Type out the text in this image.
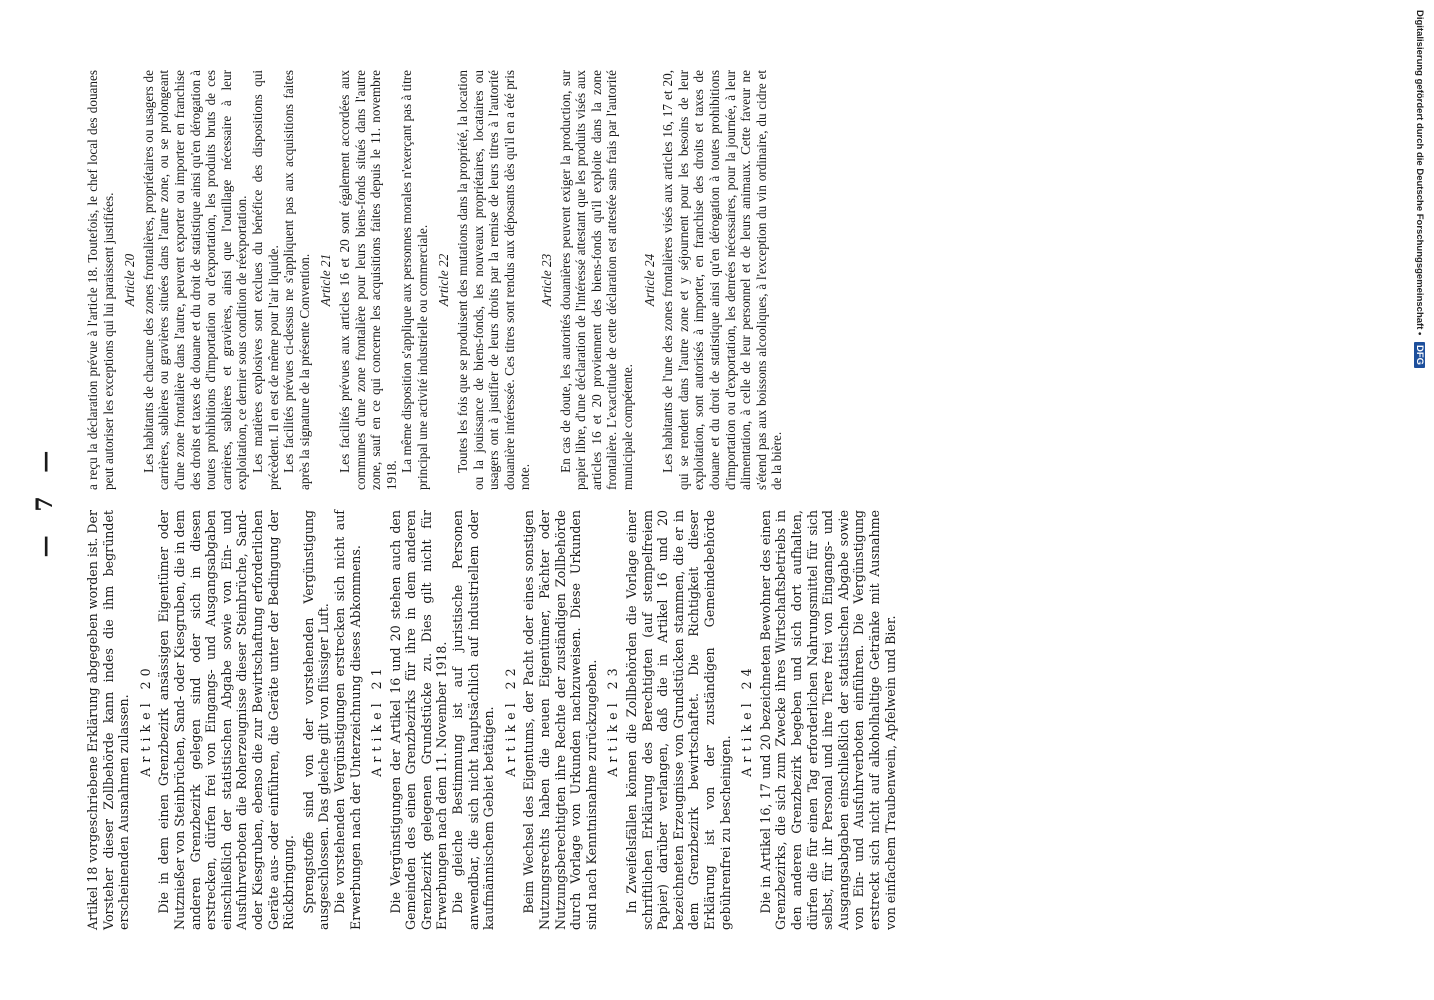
— 7 —

Artikel 18 vorgeschriebene Erklärung abgegeben worden ist. Der Vorsteher dieser Zollbehörde kann indes die ihm begründet erscheinenden Ausnahmen zulassen. Artikel 20 Die in dem einen Grenzbezirk ansässigen Eigentümer oder Nutznießer von Steinbrüchen, Sand- oder Kiesgruben, die in dem anderen Grenzbezirk gelegen sind oder sich in diesen erstrecken, dürfen frei von Eingangs- und Ausgangsabgaben einschließlich der statistischen Abgabe sowie von Ein- und Ausfuhrverboten die Roherzeugnisse dieser Steinbrüche, Sand- oder Kiesgruben, ebenso die zur Bewirtschaftung erforderlichen Geräte aus- oder einführen, die Geräte unter der Bedingung der Rückbringung. Sprengstoffe sind von der vorstehenden Vergünstigung ausgeschlossen. Das gleiche gilt von flüssiger Luft. Die vorstehenden Vergünstigungen erstrecken sich nicht auf Erwerbungen nach der Unterzeichnung dieses Abkommens. Artikel 21 Die Vergünstigungen der Artikel 16 und 20 stehen auch den Gemeinden des einen Grenzbezirks für ihre in dem anderen Grenzbezirk gelegenen Grundstücke zu. Dies gilt nicht für Erwerbungen nach dem 11. November 1918. Die gleiche Bestimmung ist auf juristische Personen anwendbar, die sich nicht hauptsächlich auf industriellem oder kaufmännischem Gebiet betätigen. Artikel 22 Beim Wechsel des Eigentums, der Pacht oder eines sonstigen Nutzungsrechts haben die neuen Eigentümer, Pächter oder Nutzungsberechtigten ihre Rechte der zuständigen Zollbehörde durch Vorlage von Urkunden nachzuweisen. Diese Urkunden sind nach Kenntnisnahme zurückzugeben. Artikel 23 In Zweifelsfällen können die Zollbehörden die Vorlage einer schriftlichen Erklärung des Berechtigten (auf stempelfreiem Papier) darüber verlangen, daß die in Artikel 16 und 20 bezeichneten Erzeugnisse von Grundstücken stammen, die er in dem Grenzbezirk bewirtschaftet. Die Richtigkeit dieser Erklärung ist von der zuständigen Gemeindebehörde gebührenfrei zu bescheinigen.

Artikel 24 Die in Artikel 16, 17 und 20 bezeichneten Bewohner des einen Grenzbezirks, die sich zum Zwecke ihres Wirtschaftsbetriebs in den anderen Grenzbezirk begeben und sich dort aufhalten, dürfen die für einen Tag erforderlichen Nahrungsmittel für sich selbst, für ihr Personal und ihre Tiere frei von Eingangs- und Ausgangsabgaben einschließlich der statistischen Abgabe sowie von Ein- und Ausfuhrverboten einführen. Die Vergünstigung erstreckt sich nicht auf alkoholhaltige Getränke mit Ausnahme von einfachem Traubenwein, Apfelwein und Bier.

a reçu la déclaration prévue à l'article 18. Toutefois, le chef local des douanes peut autoriser les exceptions qui lui paraissent justifiées. Article 20 Les habitants de chacune des zones frontalières, propriétaires ou usagers de carrières, sablières ou gravières situées dans l'autre zone, ou se prolongeant d'une zone frontalière dans l'autre, peuvent exporter ou importer en franchise des droits et taxes de douane et du droit de statistique ainsi qu'en dérogation à toutes prohibitions d'importation ou d'exportation, les produits bruts de ces carrières, sablières et gravières, ainsi que l'outillage nécessaire à leur exploitation, ce dernier sous condition de réexportation. Les matières explosives sont exclues du bénéfice des dispositions qui précèdent. Il en est de même pour l'air liquide. Les facilités prévues ci-dessus ne s'appliquent pas aux acquisitions faites après la signature de la présente Convention. Article 21 Les facilités prévues aux articles 16 et 20 sont également accordées aux communes d'une zone frontalière pour leurs biens-fonds situés dans l'autre zone, sauf en ce qui concerne les acquisitions faites depuis le 11. novembre 1918.

La même disposition s'applique aux personnes morales n'exerçant pas à titre principal une activité industrielle ou commerciale. Article 22 Toutes les fois que se produisent des mutations dans la propriété, la location ou la jouissance de biens-fonds, les nouveaux propriétaires, locataires ou usagers ont à justifier de leurs droits par la remise de leurs titres à l'autorité douanière intéressée. Ces titres sont rendus aux déposants dès qu'il en a été pris note.

Article 23 En cas de doute, les autorités douanières peuvent exiger la production, sur papier libre, d'une déclaration de l'intéressé attestant que les produits visés aux articles 16 et 20 proviennent des biens-fonds qu'il exploite dans la zone frontalière. L'exactitude de cette déclaration est attestée sans frais par l'autorité municipale compétente.

Article 24 Les habitants de l'une des zones frontalières visés aux articles 16, 17 et 20, qui se rendent dans l'autre zone et y séjournent pour les besoins de leur exploitation, sont autorisés à importer, en franchise des droits et taxes de douane et du droit de statistique ainsi qu'en dérogation à toutes prohibitions d'importation ou d'exportation, les denrées nécessaires, pour la journée, à leur alimentation, à celle de leur personnel et de leurs animaux. Cette faveur ne s'étend pas aux boissons alcooliques, à l'exception du vin ordinaire, du cidre et de la bière.

Digitalisierung gefördert durch die Deutsche Forschungsgemeinschaft • DFG
